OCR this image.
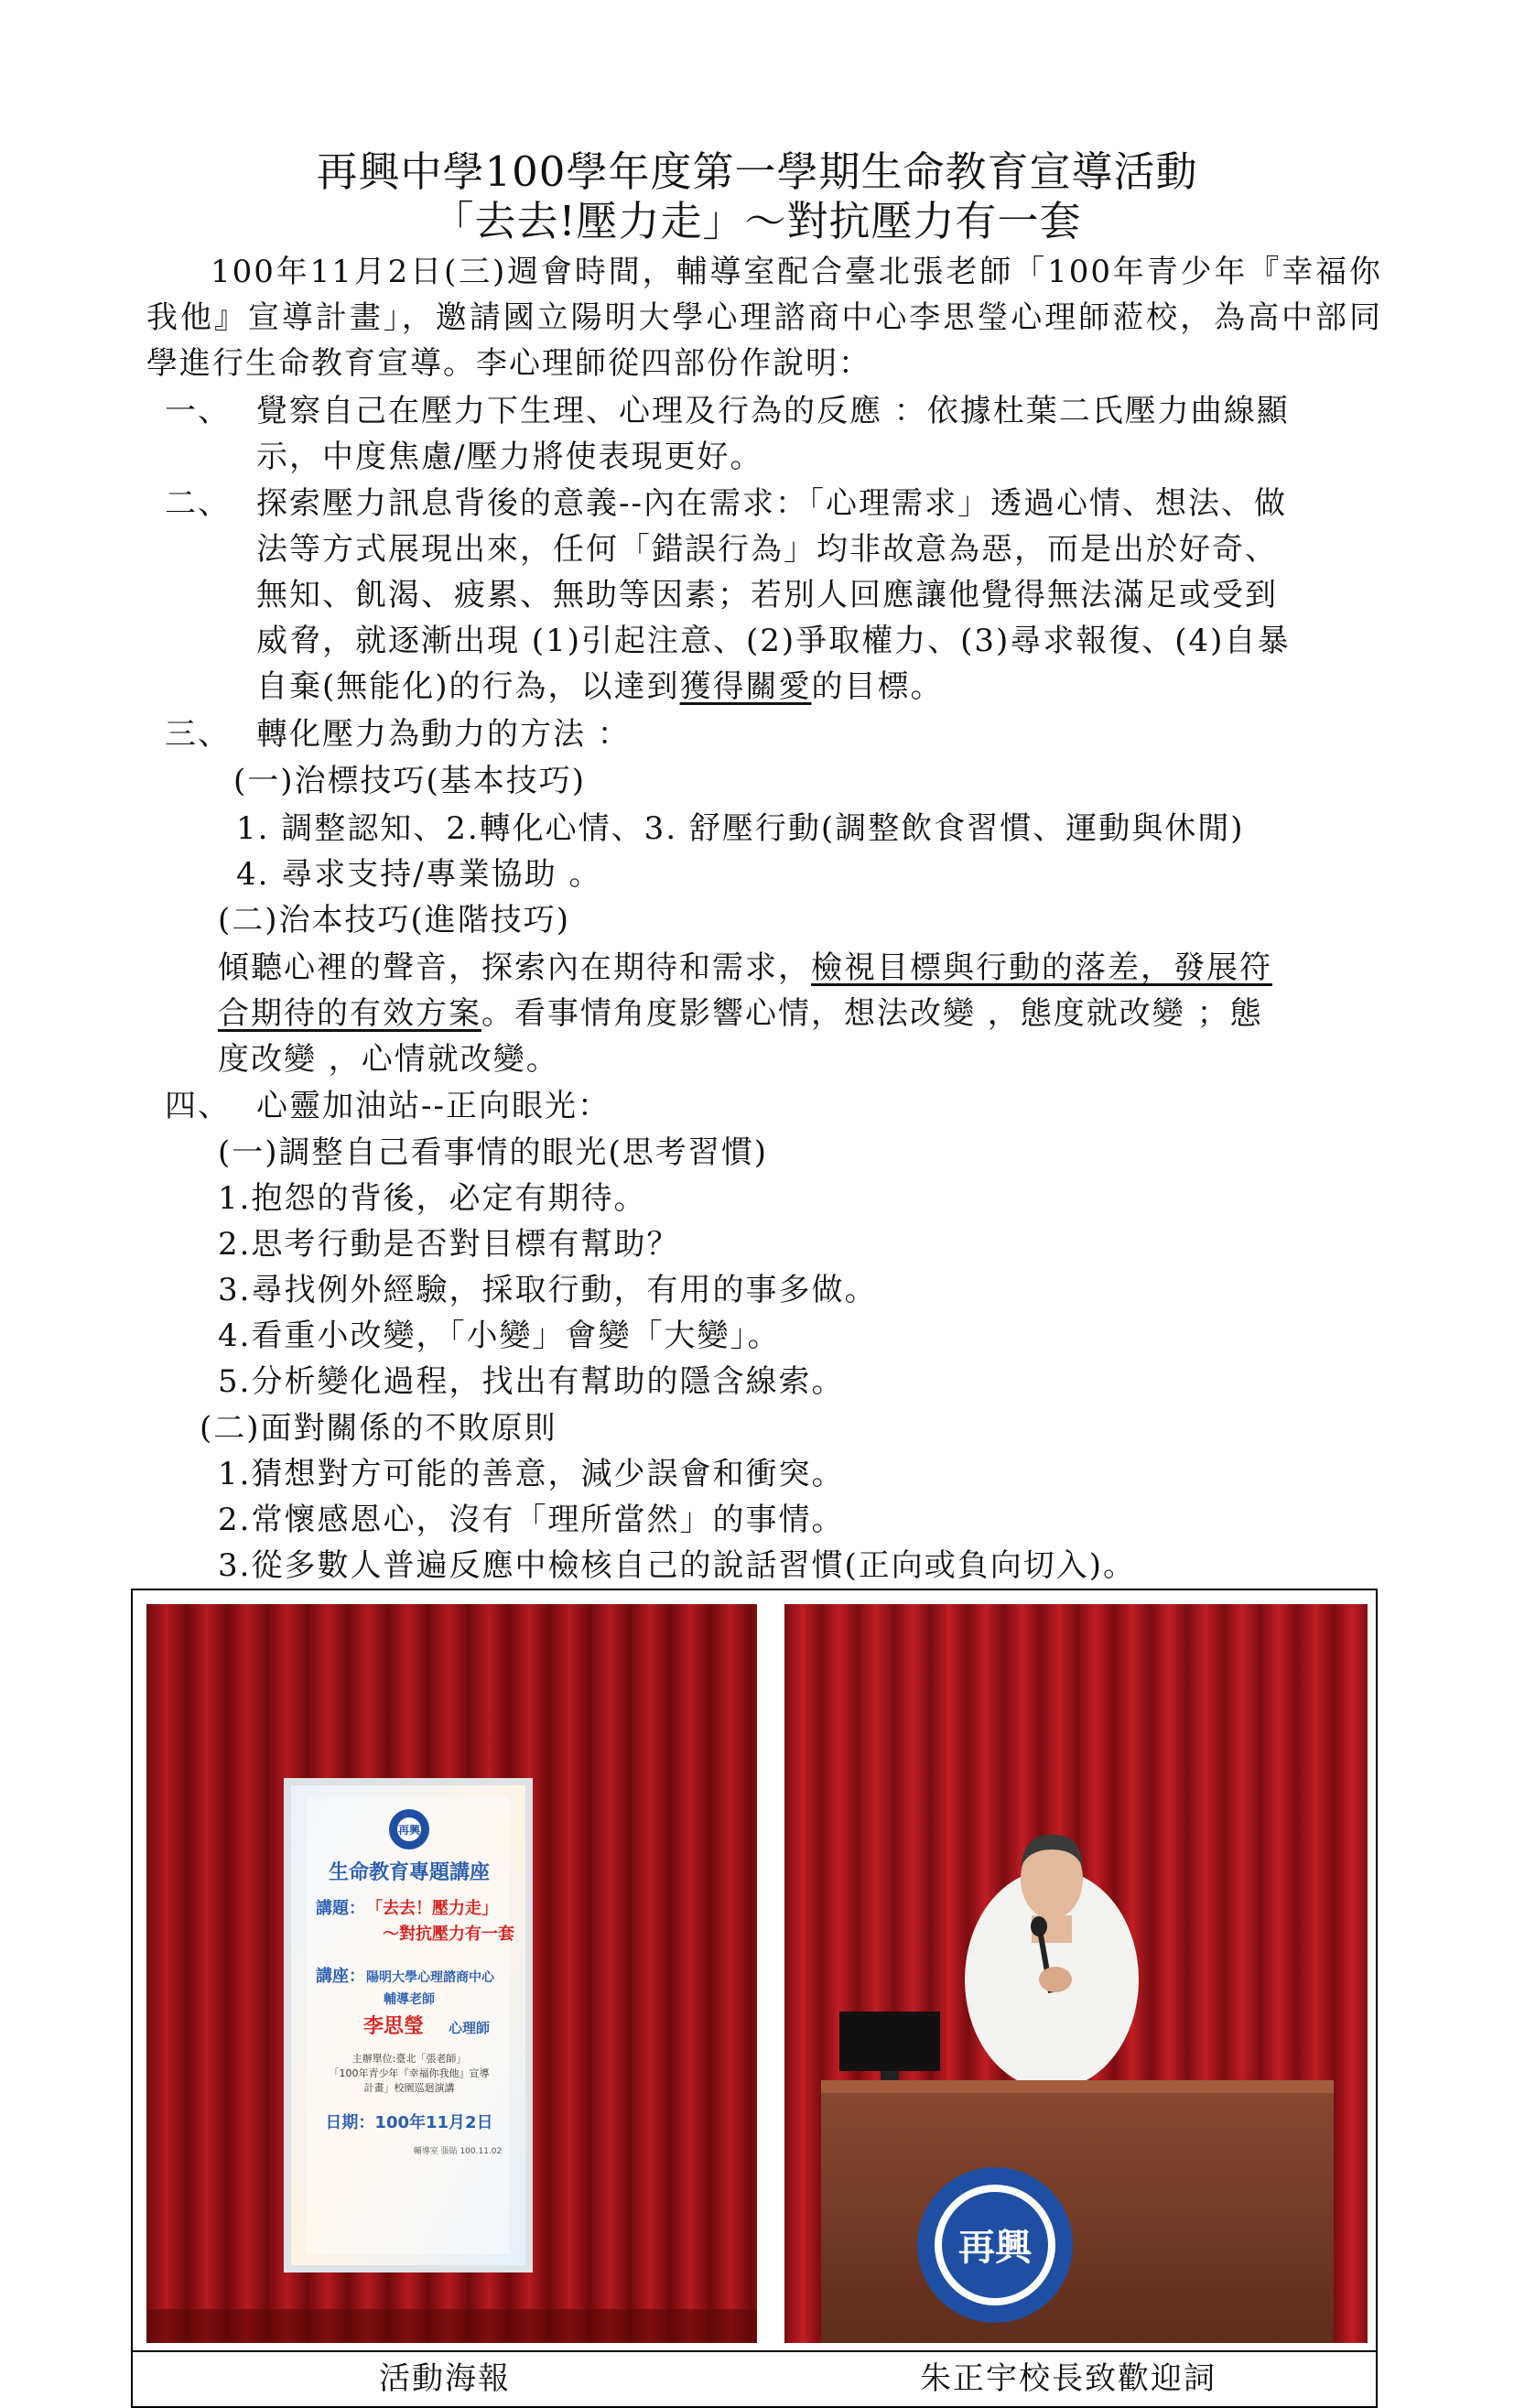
再興中學100學年度第一學期生命教育宣導活動
「去去!壓力走」～對抗壓力有一套
100年11月2日(三)週會時間，輔導室配合臺北張老師「100年青少年『幸福你我他』宣導計畫」，邀請國立陽明大學心理諮商中心李思瑩心理師蒞校，為高中部同學進行生命教育宣導。李心理師從四部份作說明：
一、 覺察自己在壓力下生理、心理及行為的反應 ：依據杜葉二氏壓力曲線顯
示，中度焦慮/壓力將使表現更好。
二、 探索壓力訊息背後的意義--內在需求：「心理需求」透過心情、想法、做
法等方式展現出來，任何「錯誤行為」均非故意為惡，而是出於好奇、
無知、飢渴、疲累、無助等因素；若別人回應讓他覺得無法滿足或受到
威脅，就逐漸出現 (1)引起注意、(2)爭取權力、(3)尋求報復、(4)自暴
自棄(無能化)的行為，以達到獲得關愛的目標。
三、 轉化壓力為動力的方法 ：
(一)治標技巧(基本技巧)
1. 調整認知、2.轉化心情、3. 舒壓行動(調整飲食習慣、運動與休閒)
4. 尋求支持/專業協助 。
(二)治本技巧(進階技巧)
傾聽心裡的聲音，探索內在期待和需求，檢視目標與行動的落差，發展符
合期待的有效方案。看事情角度影響心情，想法改變 ，態度就改變 ；態
度改變 ，心情就改變。
四、 心靈加油站--正向眼光：
(一)調整自己看事情的眼光(思考習慣)
1.抱怨的背後，必定有期待。
2.思考行動是否對目標有幫助？
3.尋找例外經驗，採取行動，有用的事多做。
4.看重小改變，「小變」會變「大變」。
5.分析變化過程，找出有幫助的隱含線索。
(二)面對關係的不敗原則
1.猜想對方可能的善意，減少誤會和衝突。
2.常懷感恩心，沒有「理所當然」的事情。
3.從多數人普遍反應中檢核自己的說話習慣(正向或負向切入)。
再興
生命教育專題講座
講題： 「去去！壓力走」
～對抗壓力有一套
講座： 陽明大學心理諮商中心
輔導老師
李思瑩 心理師
主辦單位:臺北「張老師」
「100年青少年『幸福你我他』宣導
計畫」校園巡迴演講
日期：100年11月2日
輔導室 張貼 100.11.02
再興
活動海報	朱正宇校長致歡迎詞
